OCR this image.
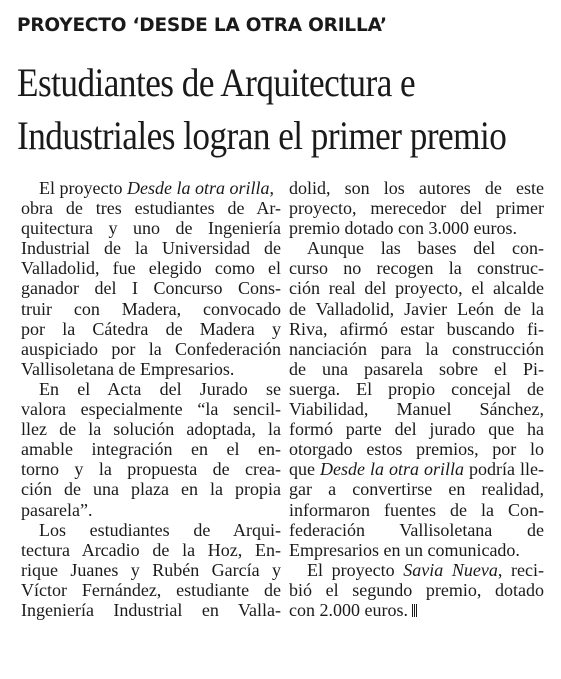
PROYECTO ‘DESDE LA OTRA ORILLA’
Estudiantes de Arquitectura e
Industriales logran el primer premio
El proyecto Desde la otra orilla,
obra de tres estudiantes de Ar-
quitectura y uno de Ingeniería
Industrial de la Universidad de
Valladolid, fue elegido como el
ganador del I Concurso Cons-
truir con Madera, convocado
por la Cátedra de Madera y
auspiciado por la Confederación
Vallisoletana de Empresarios.
En el Acta del Jurado se
valora especialmente “la sencil-
llez de la solución adoptada, la
amable integración en el en-
torno y la propuesta de crea-
ción de una plaza en la propia
pasarela”.
Los estudiantes de Arqui-
tectura Arcadio de la Hoz, En-
rique Juanes y Rubén García y
Víctor Fernández, estudiante de
Ingeniería Industrial en Valla-
dolid, son los autores de este
proyecto, merecedor del primer
premio dotado con 3.000 euros.
Aunque las bases del con-
curso no recogen la construc-
ción real del proyecto, el alcalde
de Valladolid, Javier León de la
Riva, afirmó estar buscando fi-
nanciación para la construcción
de una pasarela sobre el Pi-
suerga. El propio concejal de
Viabilidad, Manuel Sánchez,
formó parte del jurado que ha
otorgado estos premios, por lo
que Desde la otra orilla podría lle-
gar a convertirse en realidad,
informaron fuentes de la Con-
federación Vallisoletana de
Empresarios en un comunicado.
El proyecto Savia Nueva, reci-
bió el segundo premio, dotado
con 2.000 euros.
